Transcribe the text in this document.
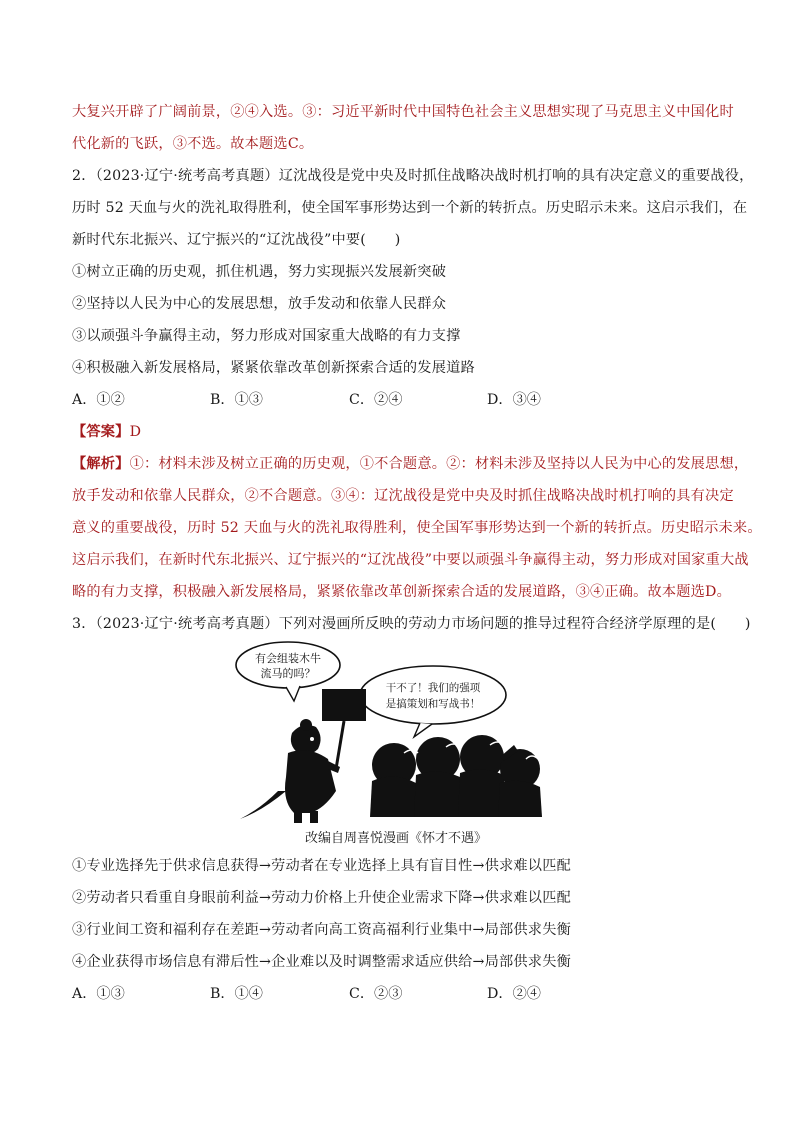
大复兴开辟了广阔前景，②④入选。③：习近平新时代中国特色社会主义思想实现了马克思主义中国化时
代化新的飞跃，③不选。故本题选C。
2．（2023·辽宁·统考高考真题）辽沈战役是党中央及时抓住战略决战时机打响的具有决定意义的重要战役，
历时 52 天血与火的洗礼取得胜利，使全国军事形势达到一个新的转折点。历史昭示未来。这启示我们，在
新时代东北振兴、辽宁振兴的“辽沈战役”中要(　　)
①树立正确的历史观，抓住机遇，努力实现振兴发展新突破
②坚持以人民为中心的发展思想，放手发动和依靠人民群众
③以顽强斗争赢得主动，努力形成对国家重大战略的有力支撑
④积极融入新发展格局，紧紧依靠改革创新探索合适的发展道路
A．①②	B．①③	C．②④	D．③④
【答案】D
【解析】①：材料未涉及树立正确的历史观，①不合题意。②：材料未涉及坚持以人民为中心的发展思想，
放手发动和依靠人民群众，②不合题意。③④：辽沈战役是党中央及时抓住战略决战时机打响的具有决定
意义的重要战役，历时 52 天血与火的洗礼取得胜利，使全国军事形势达到一个新的转折点。历史昭示未来。
这启示我们，在新时代东北振兴、辽宁振兴的“辽沈战役”中要以顽强斗争赢得主动，努力形成对国家重大战
略的有力支撑，积极融入新发展格局，紧紧依靠改革创新探索合适的发展道路，③④正确。故本题选D。
3．（2023·辽宁·统考高考真题）下列对漫画所反映的劳动力市场问题的推导过程符合经济学原理的是(　　)
有会组装木牛
流马的吗？
干不了！我们的强项
是搞策划和写战书！
改编自周喜悦漫画《怀才不遇》
①专业选择先于供求信息获得→劳动者在专业选择上具有盲目性→供求难以匹配
②劳动者只看重自身眼前利益→劳动力价格上升使企业需求下降→供求难以匹配
③行业间工资和福利存在差距→劳动者向高工资高福利行业集中→局部供求失衡
④企业获得市场信息有滞后性→企业难以及时调整需求适应供给→局部供求失衡
A．①③	B．①④	C．②③	D．②④
